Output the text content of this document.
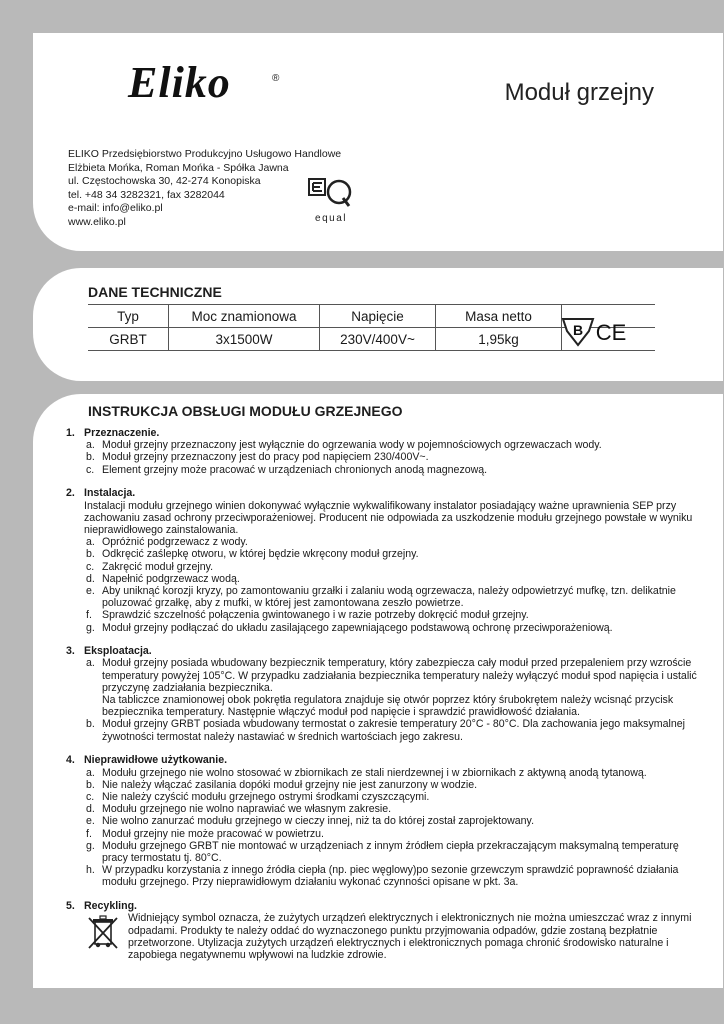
Eliko	®
Moduł grzejny
ELIKO Przedsiębiorstwo Produkcyjno Usługowo Handlowe
Elżbieta Mońka, Roman Mońka - Spółka Jawna
ul. Częstochowska 30, 42-274 Konopiska
tel. +48 34 3282321, fax 3282044
e-mail: info@eliko.pl
www.eliko.pl	equal
DANE TECHNICZNE
Typ	Moc znamionowa	Napięcie	Masa netto	
GRBT	3x1500W	230V/400V~	1,95kg	
B CE
INSTRUKCJA OBSŁUGI MODUŁU GRZEJNEGO
1. Przeznaczenie.
a. Moduł grzejny przeznaczony jest wyłącznie do ogrzewania wody w pojemnościowych ogrzewaczach wody.
b. Moduł grzejny przeznaczony jest do pracy pod napięciem 230/400V~.
c. Element grzejny może pracować w urządzeniach chronionych anodą magnezową.
2. Instalacja.
Instalacji modułu grzejnego winien dokonywać wyłącznie wykwalifikowany instalator posiadający ważne uprawnienia SEP przy zachowaniu zasad ochrony przeciwporażeniowej. Producent nie odpowiada za uszkodzenie modułu grzejnego powstałe w wyniku nieprawidłowego zainstalowania.
a. Opróżnić podgrzewacz z wody.
b. Odkręcić zaślepkę otworu, w której będzie wkręcony moduł grzejny.
c. Zakręcić moduł grzejny.
d. Napełnić podgrzewacz wodą.
e. Aby uniknąć korozji kryzy, po zamontowaniu grzałki i zalaniu wodą ogrzewacza, należy odpowietrzyć mufkę, tzn. delikatnie poluzować grzałkę, aby z mufki, w której jest zamontowana zeszło powietrze.
f. Sprawdzić szczelność połączenia gwintowanego i w razie potrzeby dokręcić moduł grzejny.
g. Moduł grzejny podłączać do układu zasilającego zapewniającego podstawową ochronę przeciwporażeniową.
3. Eksploatacja.
a. Moduł grzejny posiada wbudowany bezpiecznik temperatury, który zabezpiecza cały moduł przed przepaleniem przy wzroście temperatury powyżej 105°C. W przypadku zadziałania bezpiecznika temperatury należy wyłączyć moduł spod napięcia i ustalić przyczynę zadziałania bezpiecznika.
Na tabliczce znamionowej obok pokrętła regulatora znajduje się otwór poprzez który śrubokrętem należy wcisnąć przycisk bezpiecznika temperatury. Następnie włączyć moduł pod napięcie i sprawdzić prawidłowość działania.
b. Moduł grzejny GRBT posiada wbudowany termostat o zakresie temperatury 20°C - 80°C. Dla zachowania jego maksymalnej żywotności termostat należy nastawiać w średnich wartościach jego zakresu.
4. Nieprawidłowe użytkowanie.
a. Modułu grzejnego nie wolno stosować w zbiornikach ze stali nierdzewnej i w zbiornikach z aktywną anodą tytanową.
b. Nie należy włączać zasilania dopóki moduł grzejny nie jest zanurzony w wodzie.
c. Nie należy czyścić modułu grzejnego ostrymi środkami czyszczącymi.
d. Modułu grzejnego nie wolno naprawiać we własnym zakresie.
e. Nie wolno zanurzać modułu grzejnego w cieczy innej, niż ta do której został zaprojektowany.
f. Moduł grzejny nie może pracować w powietrzu.
g. Modułu grzejnego GRBT nie montować w urządzeniach z innym źródłem ciepła przekraczającym maksymalną temperaturę pracy termostatu tj. 80°C.
h. W przypadku korzystania z innego źródła ciepła (np. piec węglowy)po sezonie grzewczym sprawdzić poprawność działania modułu grzejnego. Przy nieprawidłowym działaniu wykonać czynności opisane w pkt. 3a.
5. Recykling.
Widniejący symbol oznacza, że zużytych urządzeń elektrycznych i elektronicznych nie można umieszczać wraz z innymi odpadami. Produkty te należy oddać do wyznaczonego punktu przyjmowania odpadów, gdzie zostaną bezpłatnie przetworzone. Utylizacja zużytych urządzeń elektrycznych i elektronicznych pomaga chronić środowisko naturalne i zapobiega negatywnemu wpływowi na ludzkie zdrowie.
